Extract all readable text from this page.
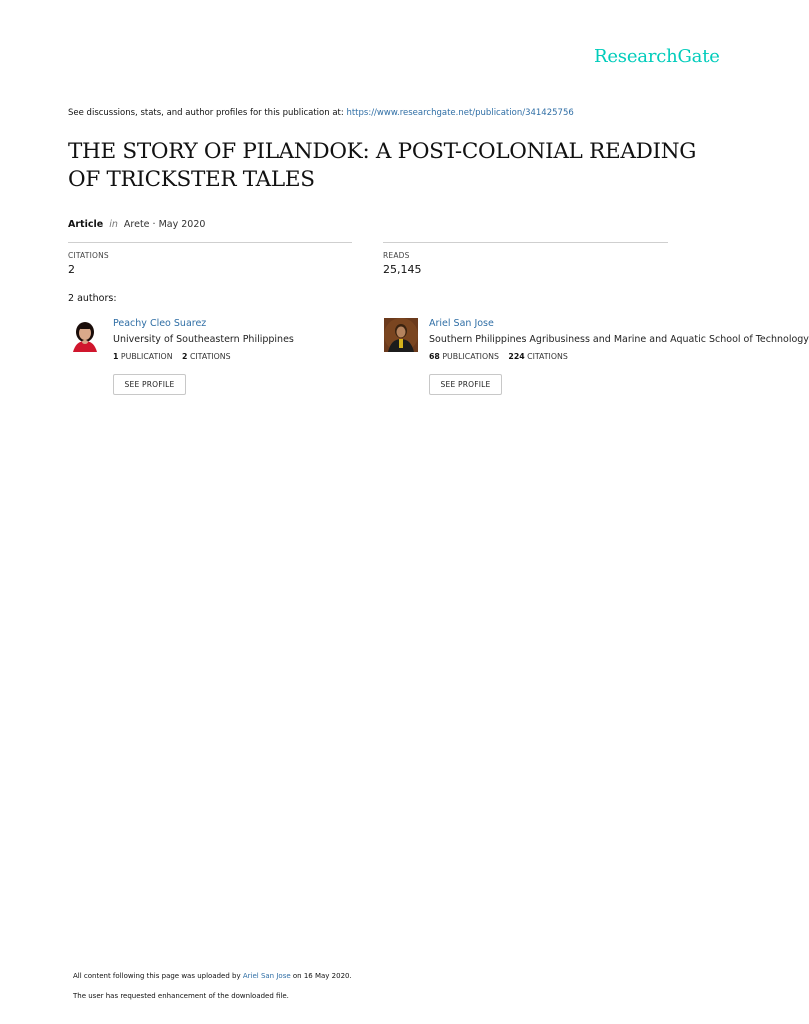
ResearchGate
See discussions, stats, and author profiles for this publication at: https://www.researchgate.net/publication/341425756
THE STORY OF PILANDOK: A POST-COLONIAL READING
OF TRICKSTER TALES
Article in Arete · May 2020
CITATIONS
2
READS
25,145
2 authors:
Peachy Cleo Suarez
University of Southeastern Philippines
1 PUBLICATION 2 CITATIONS
SEE PROFILE
Ariel San Jose
Southern Philippines Agribusiness and Marine and Aquatic School of Technology
68 PUBLICATIONS 224 CITATIONS
SEE PROFILE
All content following this page was uploaded by Ariel San Jose on 16 May 2020.
The user has requested enhancement of the downloaded file.
